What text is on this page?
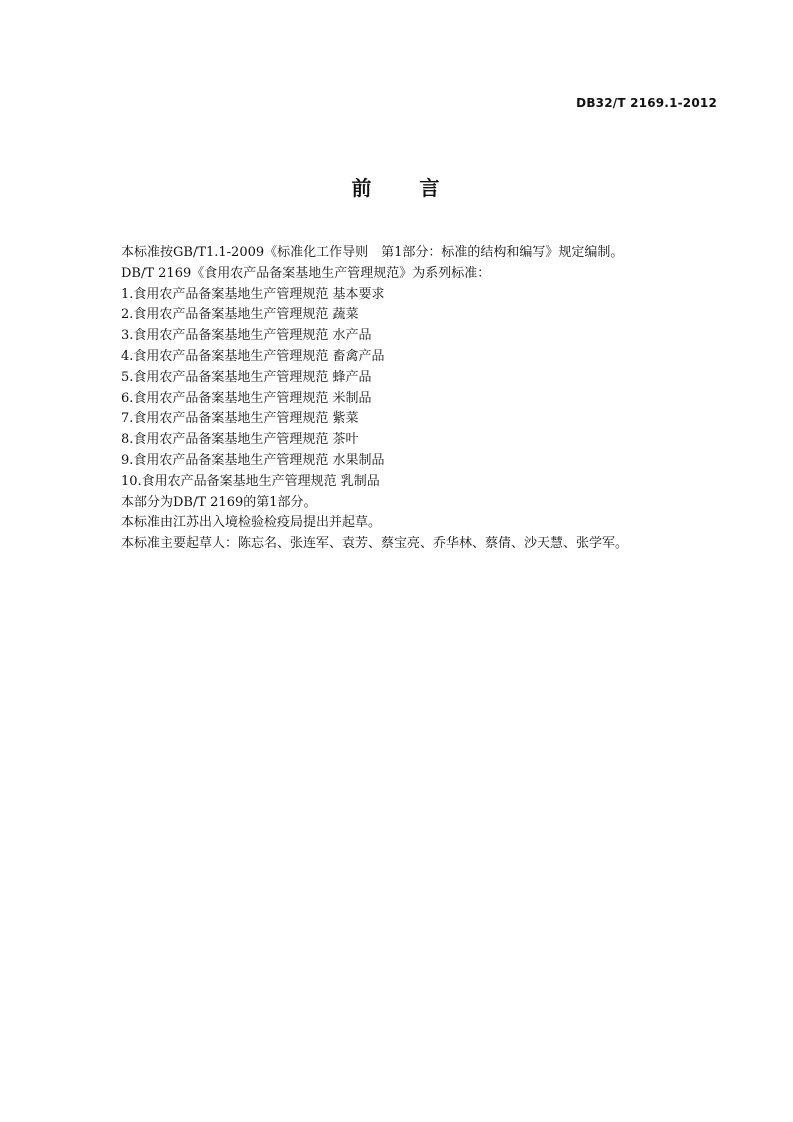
DB32/T 2169.1-2012
前 言
本标准按GB/T1.1-2009《标准化工作导则　第1部分：标准的结构和编写》规定编制。
DB/T 2169《食用农产品备案基地生产管理规范》为系列标准：
1.食用农产品备案基地生产管理规范 基本要求
2.食用农产品备案基地生产管理规范 蔬菜
3.食用农产品备案基地生产管理规范 水产品
4.食用农产品备案基地生产管理规范 畜禽产品
5.食用农产品备案基地生产管理规范 蜂产品
6.食用农产品备案基地生产管理规范 米制品
7.食用农产品备案基地生产管理规范 紫菜
8.食用农产品备案基地生产管理规范 茶叶
9.食用农产品备案基地生产管理规范 水果制品
10.食用农产品备案基地生产管理规范 乳制品
本部分为DB/T 2169的第1部分。
本标准由江苏出入境检验检疫局提出并起草。
本标准主要起草人：陈忘名、张连军、袁芳、蔡宝亮、乔华林、蔡倩、沙天慧、张学军。
